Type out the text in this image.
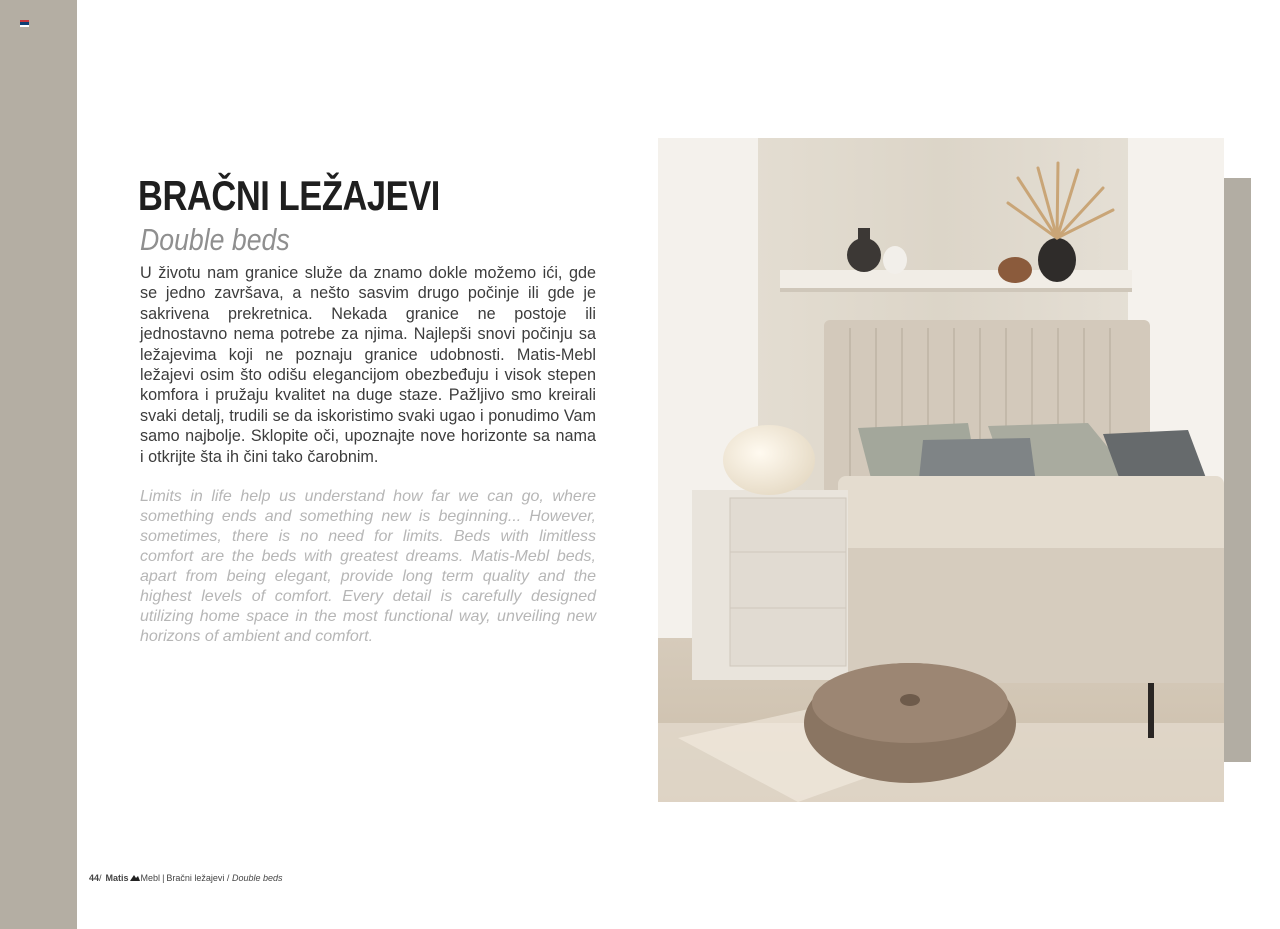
BRAČNI LEŽAJEVI
Double beds

U životu nam granice služe da znamo dokle možemo ići, gde se jedno završava, a nešto sasvim drugo počinje ili gde je sakrivena prekretnica. Nekada granice ne postoje ili jednostavno nema potrebe za njima. Najlepši snovi počinju sa ležajevima koji ne poznaju granice udobnosti. Matis-Mebl ležajevi osim što odišu elegancijom obezbeđuju i visok stepen komfora i pružaju kvalitet na duge staze. Pažljivo smo kreirali svaki detalj, trudili se da iskoristimo svaki ugao i ponudimo Vam samo najbolje. Sklopite oči, upoznajte nove horizonte sa nama i otkrijte šta ih čini tako čarobnim.

Limits in life help us understand how far we can go, where something ends and something new is beginning... However, sometimes, there is no need for limits. Beds with limitless comfort are the beds with greatest dreams. Matis-Mebl beds, apart from being elegant, provide long term quality and the highest levels of comfort. Every detail is carefully designed utilizing home space in the most functional way, unveiling new horizons of ambient and comfort.

44 / Matis Mebl | Bračni ležajevi /
Double beds
